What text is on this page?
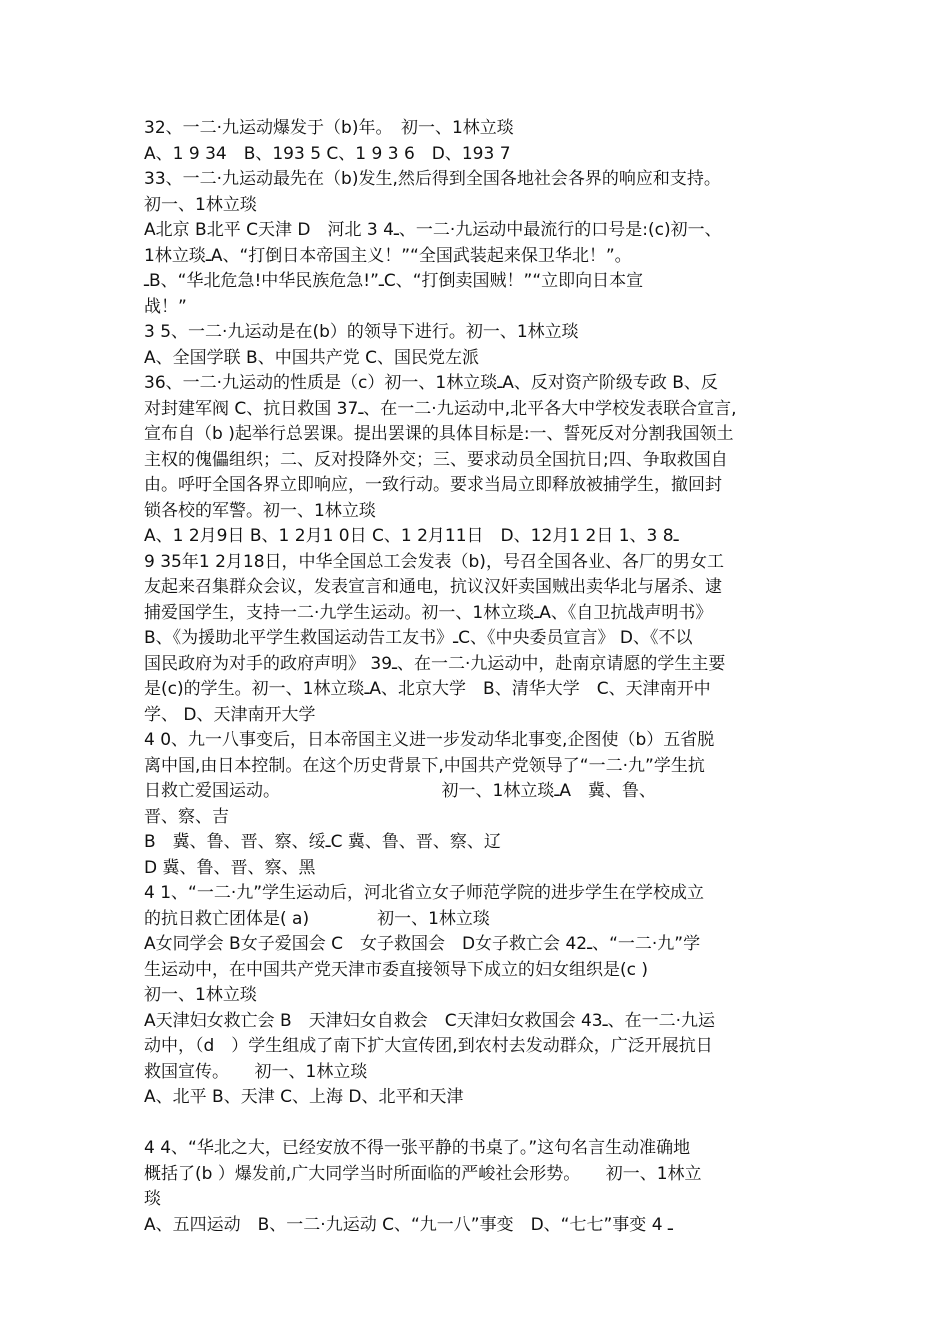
32、一二·九运动爆发于（b)年。　初一、1林立琰
A、1 9 34　B、193 5 C、1 9 3 6　D、193 7
33、一二·九运动最先在（b)发生,然后得到全国各地社会各界的响应和支持。
初一、1林立琰
A北京 B北平 C天津 D　河北 3 4ـ、一二·九运动中最流行的口号是:(c)初一、
1林立琰ـA、“打倒日本帝国主义！”“全国武装起来保卫华北！”。
ـB、“华北危急!中华民族危急!”ـC、“打倒卖国贼！”“立即向日本宣
战！”
3 5、一二·九运动是在(b）的领导下进行。初一、1林立琰
A、全国学联 B、中国共产党 C、国民党左派
36、一二·九运动的性质是（c）初一、1林立琰ـA、反对资产阶级专政 B、反
对封建军阀 C、抗日救国 37ـ、在一二·九运动中,北平各大中学校发表联合宣言,
宣布自（b )起举行总罢课。提出罢课的具体目标是:一、誓死反对分割我国领土
主权的傀儡组织；二、反对投降外交；三、要求动员全国抗日;四、争取救国自
由。呼吁全国各界立即响应，一致行动。要求当局立即释放被捕学生，撤回封
锁各校的军警。初一、1林立琰
A、1 2月9日 B、1 2月1 0日 C、1 2月11日　D、12月1 2日 1、3 8ـ
9 35年1 2月18日，中华全国总工会发表（b)，号召全国各业、各厂的男女工
友起来召集群众会议，发表宣言和通电，抗议汉奸卖国贼出卖华北与屠杀、逮
捕爱国学生，支持一二·九学生运动。初一、1林立琰ـA、《自卫抗战声明书》
B、《为援助北平学生救国运动告工友书》ـC、《中央委员宣言》 D、《不以
国民政府为对手的政府声明》 39ـ、在一二·九运动中，赴南京请愿的学生主要
是(c)的学生。初一、1林立琰ـA、北京大学　B、清华大学　C、天津南开中
学、 D、天津南开大学
4 0、九一八事变后，日本帝国主义进一步发动华北事变,企图使（b）五省脱
离中国,由日本控制。在这个历史背景下,中国共产党领导了“一二·九”学生抗
日救亡爱国运动。　　　　　　　　　　初一、1林立琰ـA　冀、鲁、
晋、察、吉
B　冀、鲁、晋、察、绥ـC 冀、鲁、晋、察、辽
D 冀、鲁、晋、察、黑
4 1、“一二·九”学生运动后，河北省立女子师范学院的进步学生在学校成立
的抗日救亡团体是( a)　　　　初一、1林立琰
A女同学会 B女子爱国会 C　女子救国会　D女子救亡会 42ـ、“一二·九”学
生运动中，在中国共产党天津市委直接领导下成立的妇女组织是(c )
初一、1林立琰
A天津妇女救亡会 B　天津妇女自救会　C天津妇女救国会 43ـ、在一二·九运
动中，（d　）学生组成了南下扩大宣传团,到农村去发动群众，广泛开展抗日
救国宣传。　　初一、1林立琰
A、北平 B、天津 C、上海 D、北平和天津
4 4、“华北之大，已经安放不得一张平静的书桌了。”这句名言生动准确地
概括了(b ）爆发前,广大同学当时所面临的严峻社会形势。　　初一、1林立
琰
A、五四运动　B、一二·九运动 C、“九一八”事变　D、“七七”事变 4 ـ
